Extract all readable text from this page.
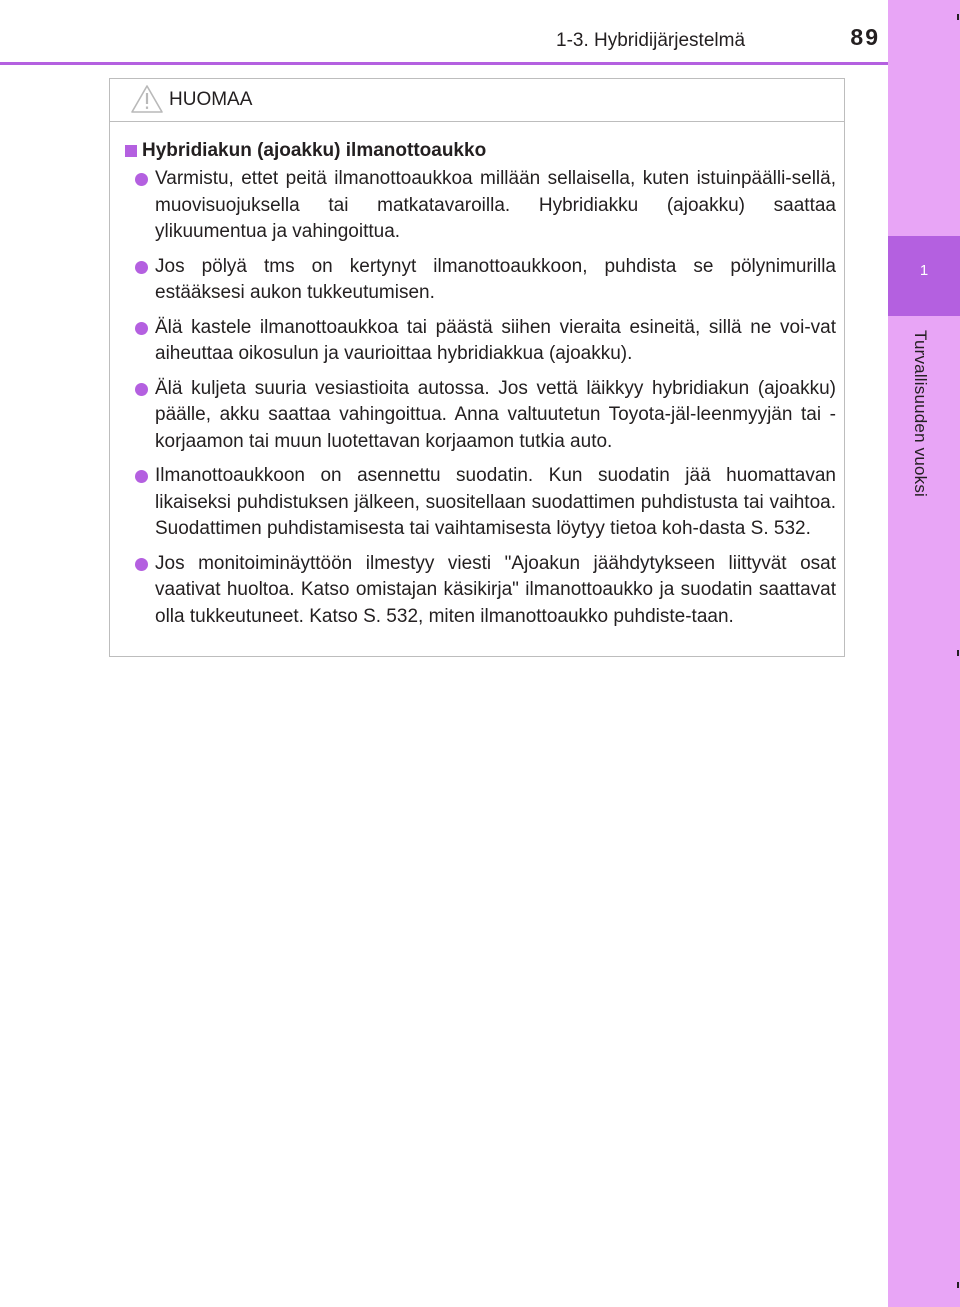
1
Turvallisuuden vuoksi
1-3. Hybridijärjestelmä	89
HUOMAA
Hybridiakun (ajoakku) ilmanottoaukko
Varmistu, ettet peitä ilmanottoaukkoa millään sellaisella, kuten istuinpäälli-sellä, muovisuojuksella tai matkatavaroilla. Hybridiakku (ajoakku) saattaa ylikuumentua ja vahingoittua.
Jos pölyä tms on kertynyt ilmanottoaukkoon, puhdista se pölynimurilla estääksesi aukon tukkeutumisen.
Älä kastele ilmanottoaukkoa tai päästä siihen vieraita esineitä, sillä ne voi-vat aiheuttaa oikosulun ja vaurioittaa hybridiakkua (ajoakku).
Älä kuljeta suuria vesiastioita autossa. Jos vettä läikkyy hybridiakun (ajoakku) päälle, akku saattaa vahingoittua. Anna valtuutetun Toyota-jäl-leenmyyjän tai -korjaamon tai muun luotettavan korjaamon tutkia auto.
Ilmanottoaukkoon on asennettu suodatin. Kun suodatin jää huomattavan likaiseksi puhdistuksen jälkeen, suositellaan suodattimen puhdistusta tai vaihtoa. Suodattimen puhdistamisesta tai vaihtamisesta löytyy tietoa koh-dasta S. 532.
Jos monitoiminäyttöön ilmestyy viesti "Ajoakun jäähdytykseen liittyvät osat vaativat huoltoa. Katso omistajan käsikirja" ilmanottoaukko ja suodatin saattavat olla tukkeutuneet. Katso S. 532, miten ilmanottoaukko puhdiste-taan.
